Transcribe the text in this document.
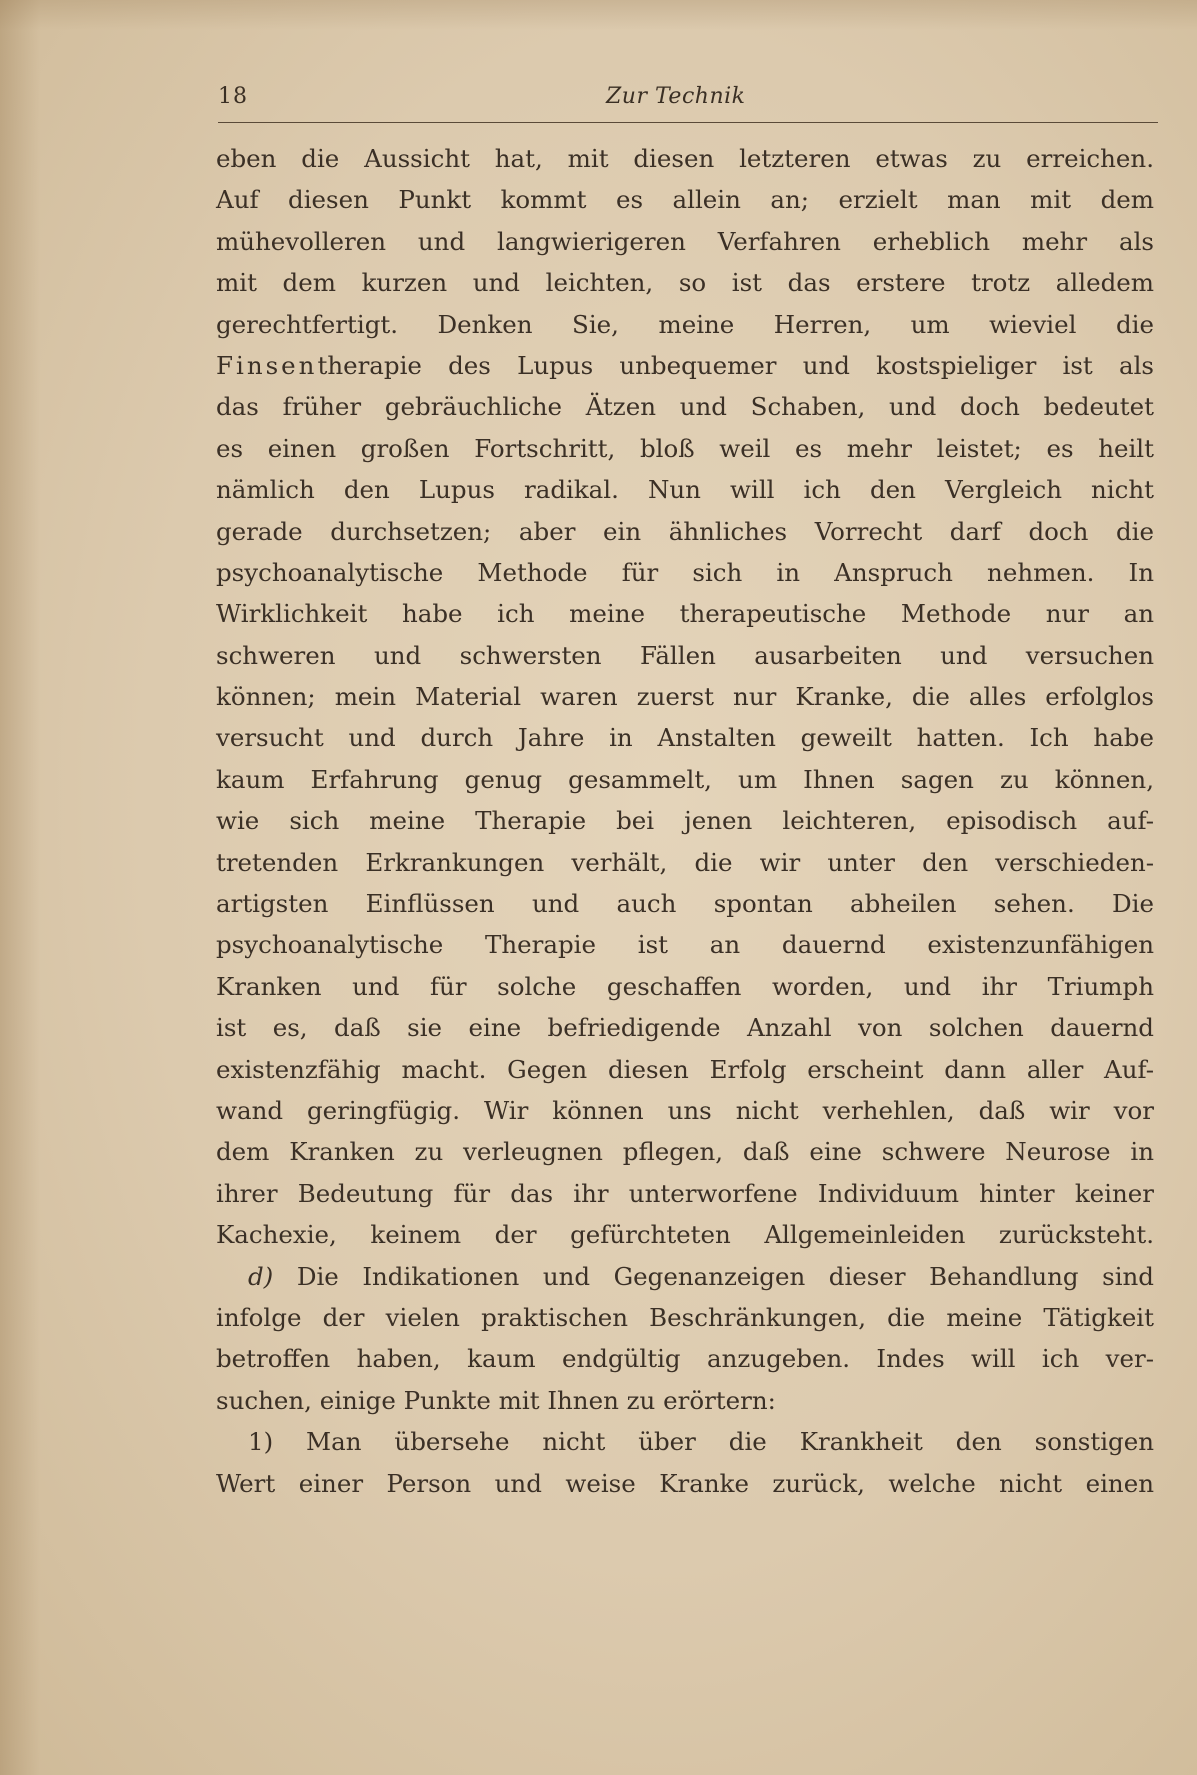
18	Zur Technik
eben die Aussicht hat, mit diesen letzteren etwas zu erreichen.
Auf diesen Punkt kommt es allein an; erzielt man mit dem
mühevolleren und langwierigeren Verfahren erheblich mehr als
mit dem kurzen und leichten, so ist das erstere trotz alledem
gerechtfertigt. Denken Sie, meine Herren, um wieviel die
Finsentherapie des Lupus unbequemer und kostspieliger ist als
das früher gebräuchliche Ätzen und Schaben, und doch bedeutet
es einen großen Fortschritt, bloß weil es mehr leistet; es heilt
nämlich den Lupus radikal. Nun will ich den Vergleich nicht
gerade durchsetzen; aber ein ähnliches Vorrecht darf doch die
psychoanalytische Methode für sich in Anspruch nehmen. In
Wirklichkeit habe ich meine therapeutische Methode nur an
schweren und schwersten Fällen ausarbeiten und versuchen
können; mein Material waren zuerst nur Kranke, die alles erfolglos
versucht und durch Jahre in Anstalten geweilt hatten. Ich habe
kaum Erfahrung genug gesammelt, um Ihnen sagen zu können,
wie sich meine Therapie bei jenen leichteren, episodisch auf-
tretenden Erkrankungen verhält, die wir unter den verschieden-
artigsten Einflüssen und auch spontan abheilen sehen. Die
psychoanalytische Therapie ist an dauernd existenzunfähigen
Kranken und für solche geschaffen worden, und ihr Triumph
ist es, daß sie eine befriedigende Anzahl von solchen dauernd
existenzfähig macht. Gegen diesen Erfolg erscheint dann aller Auf-
wand geringfügig. Wir können uns nicht verhehlen, daß wir vor
dem Kranken zu verleugnen pflegen, daß eine schwere Neurose in
ihrer Bedeutung für das ihr unterworfene Individuum hinter keiner
Kachexie, keinem der gefürchteten Allgemeinleiden zurücksteht.
d) Die Indikationen und Gegenanzeigen dieser Behandlung sind
infolge der vielen praktischen Beschränkungen, die meine Tätigkeit
betroffen haben, kaum endgültig anzugeben. Indes will ich ver-
suchen, einige Punkte mit Ihnen zu erörtern:
1) Man übersehe nicht über die Krankheit den sonstigen
Wert einer Person und weise Kranke zurück, welche nicht einen
